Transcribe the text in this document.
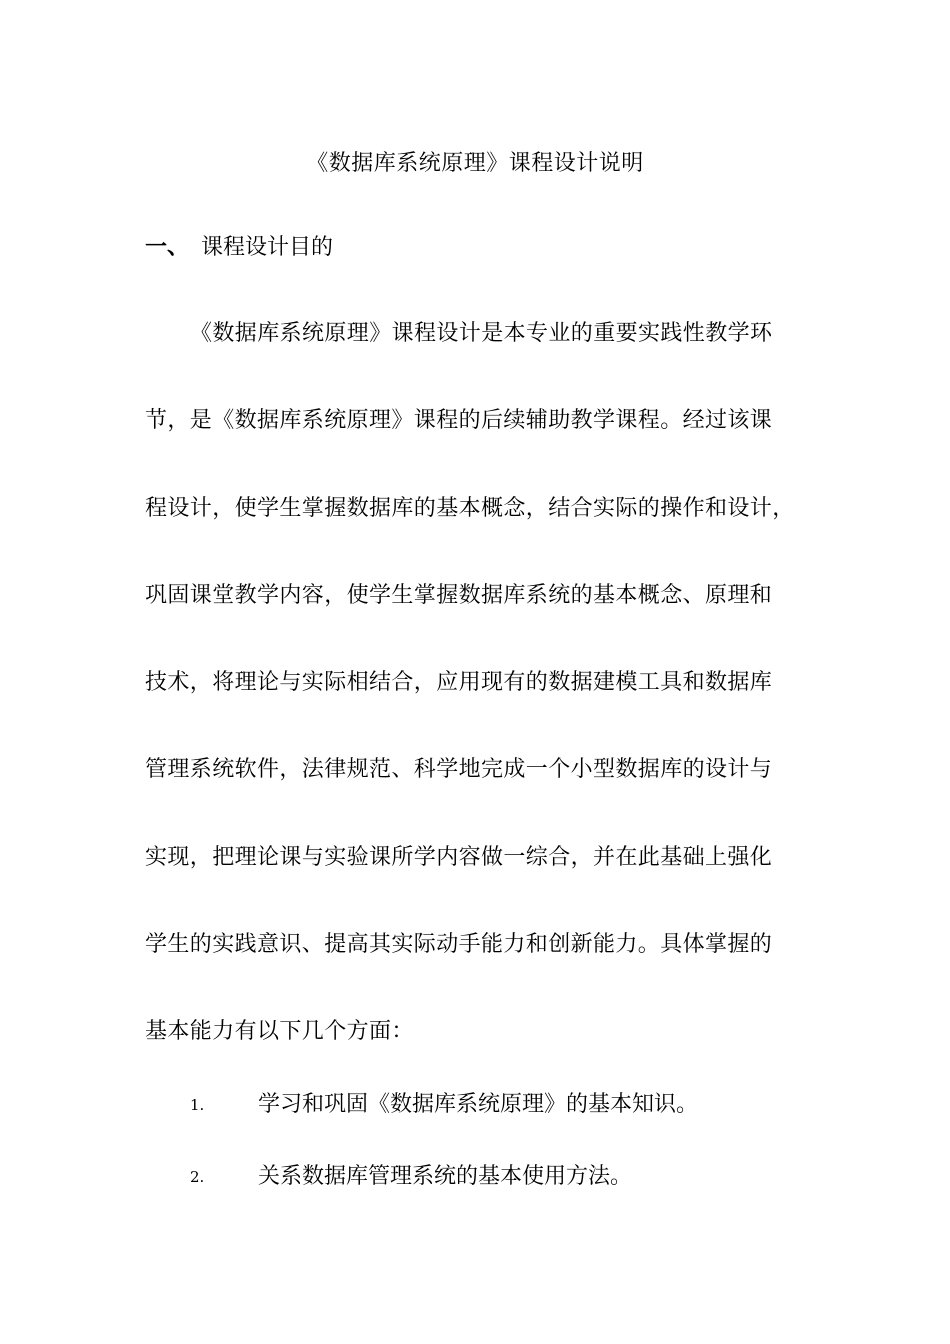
《数据库系统原理》课程设计说明
一、 课程设计目的
《数据库系统原理》课程设计是本专业的重要实践性教学环
节，是《数据库系统原理》课程的后续辅助教学课程。经过该课
程设计，使学生掌握数据库的基本概念，结合实际的操作和设计，
巩固课堂教学内容，使学生掌握数据库系统的基本概念、原理和
技术，将理论与实际相结合，应用现有的数据建模工具和数据库
管理系统软件，法律规范、科学地完成一个小型数据库的设计与
实现，把理论课与实验课所学内容做一综合，并在此基础上强化
学生的实践意识、提高其实际动手能力和创新能力。具体掌握的
基本能力有以下几个方面：
1. 学习和巩固《数据库系统原理》的基本知识。
2. 关系数据库管理系统的基本使用方法。
